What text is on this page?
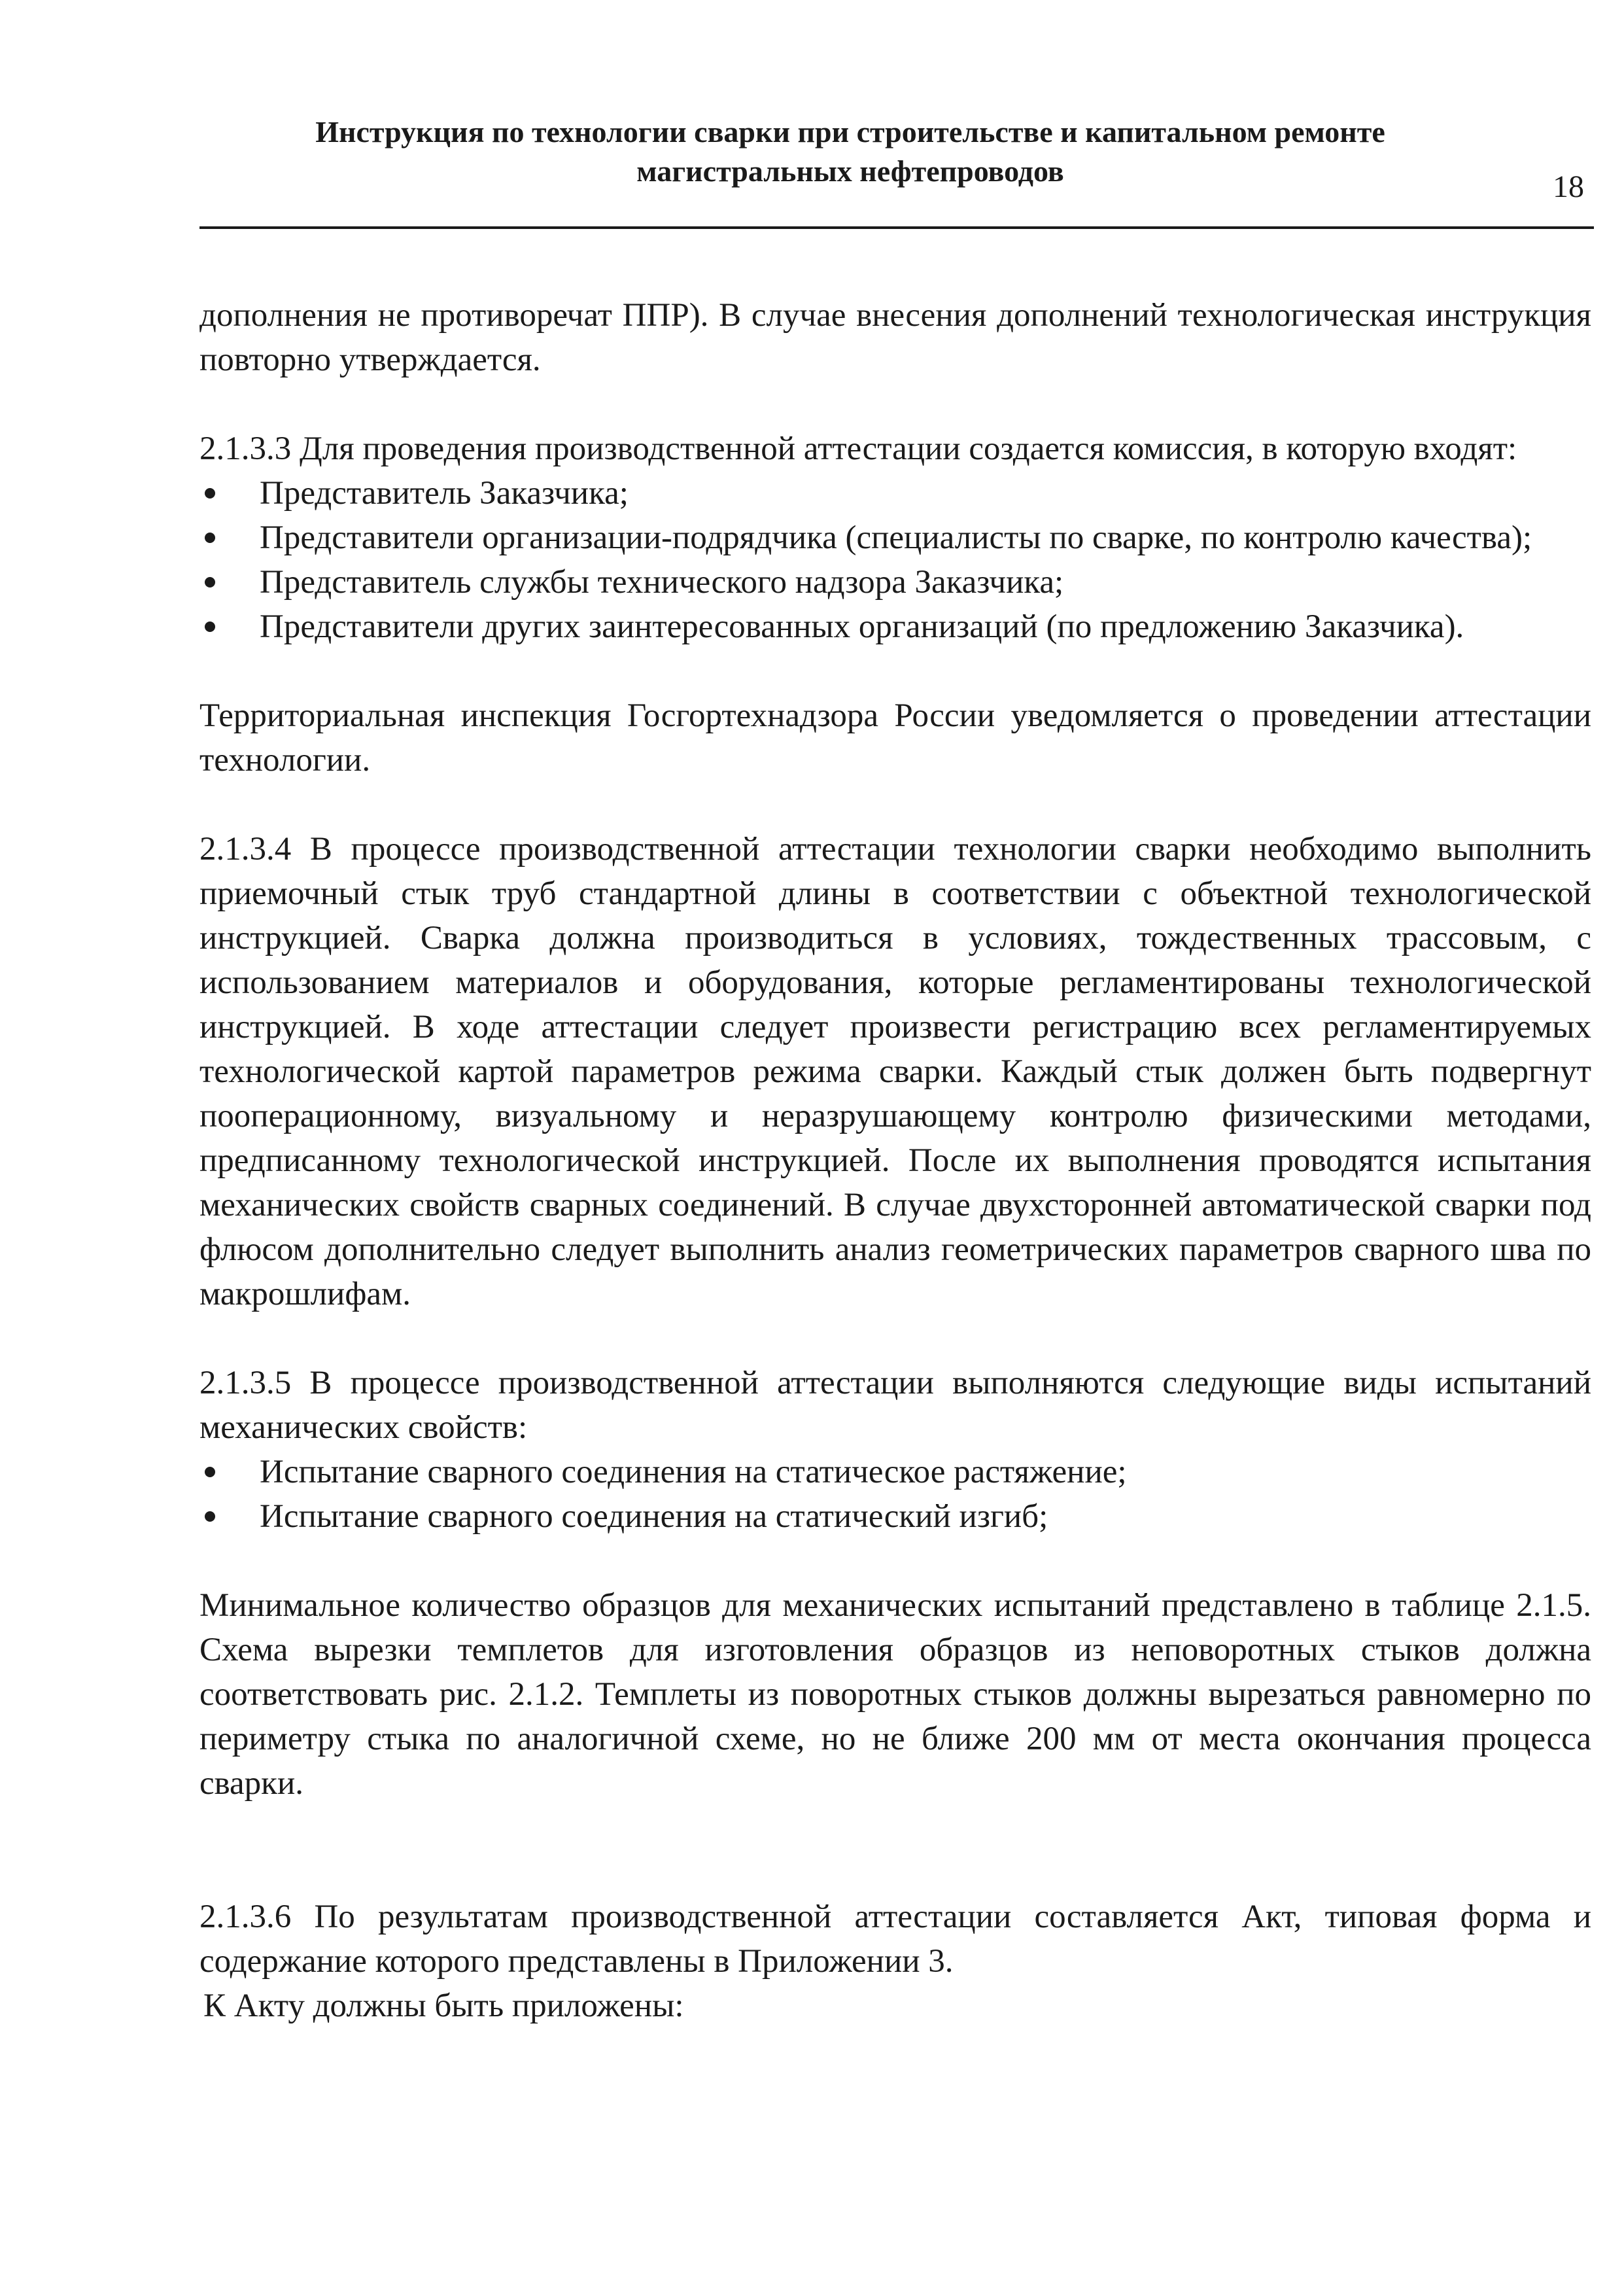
Инструкция по технологии сварки при строительстве и капитальном ремонте
магистральных нефтепроводов	18

дополнения не противоречат ППР). В случае внесения дополнений технологическая инструкция повторно утверждается.

2.1.3.3 Для проведения производственной аттестации создается комиссия, в которую входят:

Представитель Заказчика;
Представители организации-подрядчика (специалисты по сварке, по контролю качества);
Представитель службы технического надзора Заказчика;
Представители других заинтересованных организаций (по предложению Заказчика).

Территориальная инспекция Госгортехнадзора России уведомляется о проведении аттестации технологии.

2.1.3.4 В процессе производственной аттестации технологии сварки необходимо выполнить приемочный стык труб стандартной длины в соответствии с объектной технологической инструкцией. Сварка должна производиться в условиях, тождественных трассовым, с использованием материалов и оборудования, которые регламентированы технологической инструкцией. В ходе аттестации следует произвести регистрацию всех регламентируемых технологической картой параметров режима сварки. Каждый стык должен быть подвергнут пооперационному, визуальному и неразрушающему контролю физическими методами, предписанному технологической инструкцией. После их выполнения проводятся испытания механических свойств сварных соединений. В случае двухсторонней автоматической сварки под флюсом дополнительно следует выполнить анализ геометрических параметров сварного шва по макрошлифам.

2.1.3.5 В процессе производственной аттестации выполняются следующие виды испытаний механических свойств:

Испытание сварного соединения на статическое растяжение;
Испытание сварного соединения на статический изгиб;

Минимальное количество образцов для механических испытаний представлено в таблице 2.1.5. Схема вырезки темплетов для изготовления образцов из неповоротных стыков должна соответствовать рис. 2.1.2. Темплеты из поворотных стыков должны вырезаться равномерно по периметру стыка по аналогичной схеме, но не ближе 200 мм от места окончания процесса сварки.

2.1.3.6 По результатам производственной аттестации составляется Акт, типовая форма и содержание которого представлены в Приложении 3.

К Акту должны быть приложены:
